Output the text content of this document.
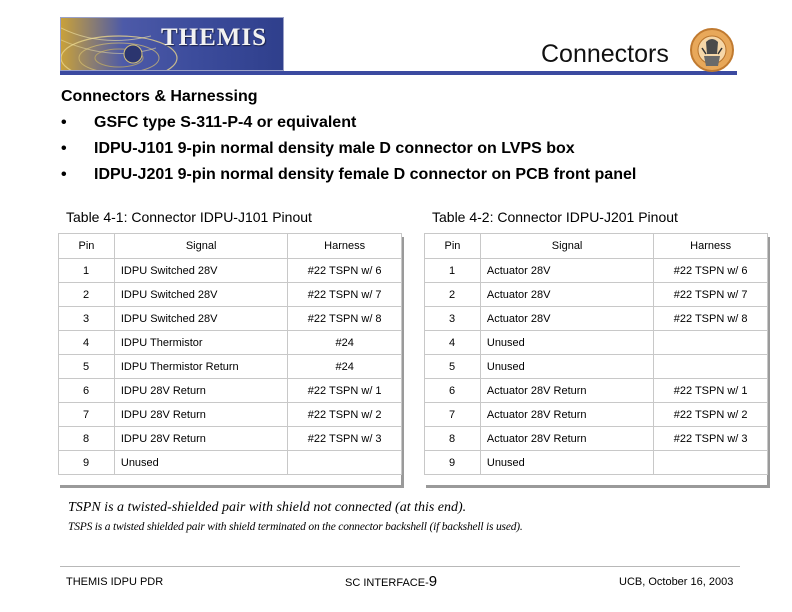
THEMIS
Connectors
Connectors & Harnessing
• GSFC type S-311-P-4 or equivalent
• IDPU-J101 9-pin normal density male D connector on LVPS box
• IDPU-J201 9-pin normal density female D connector on PCB front panel
Table 4‑1: Connector IDPU-J101 Pinout	Table 4‑2: Connector IDPU-J201 Pinout
Pin	Signal	Harness
1	IDPU Switched 28V	#22 TSPN w/ 6
2	IDPU Switched 28V	#22 TSPN w/ 7
3	IDPU Switched 28V	#22 TSPN w/ 8
4	IDPU Thermistor	#24
5	IDPU Thermistor Return	#24
6	IDPU 28V Return	#22 TSPN w/ 1
7	IDPU 28V Return	#22 TSPN w/ 2
8	IDPU 28V Return	#22 TSPN w/ 3
9	Unused	
Pin	Signal	Harness
1	Actuator 28V	#22 TSPN w/ 6
2	Actuator 28V	#22 TSPN w/ 7
3	Actuator 28V	#22 TSPN w/ 8
4	Unused	
5	Unused	
6	Actuator 28V Return	#22 TSPN w/ 1
7	Actuator 28V Return	#22 TSPN w/ 2
8	Actuator 28V Return	#22 TSPN w/ 3
9	Unused	
TSPN is a twisted-shielded pair with shield not connected (at this end).
TSPS is a twisted shielded pair with shield terminated on the connector backshell (if backshell is used).
THEMIS IDPU PDR	SC INTERFACE-9	UCB, October 16, 2003
